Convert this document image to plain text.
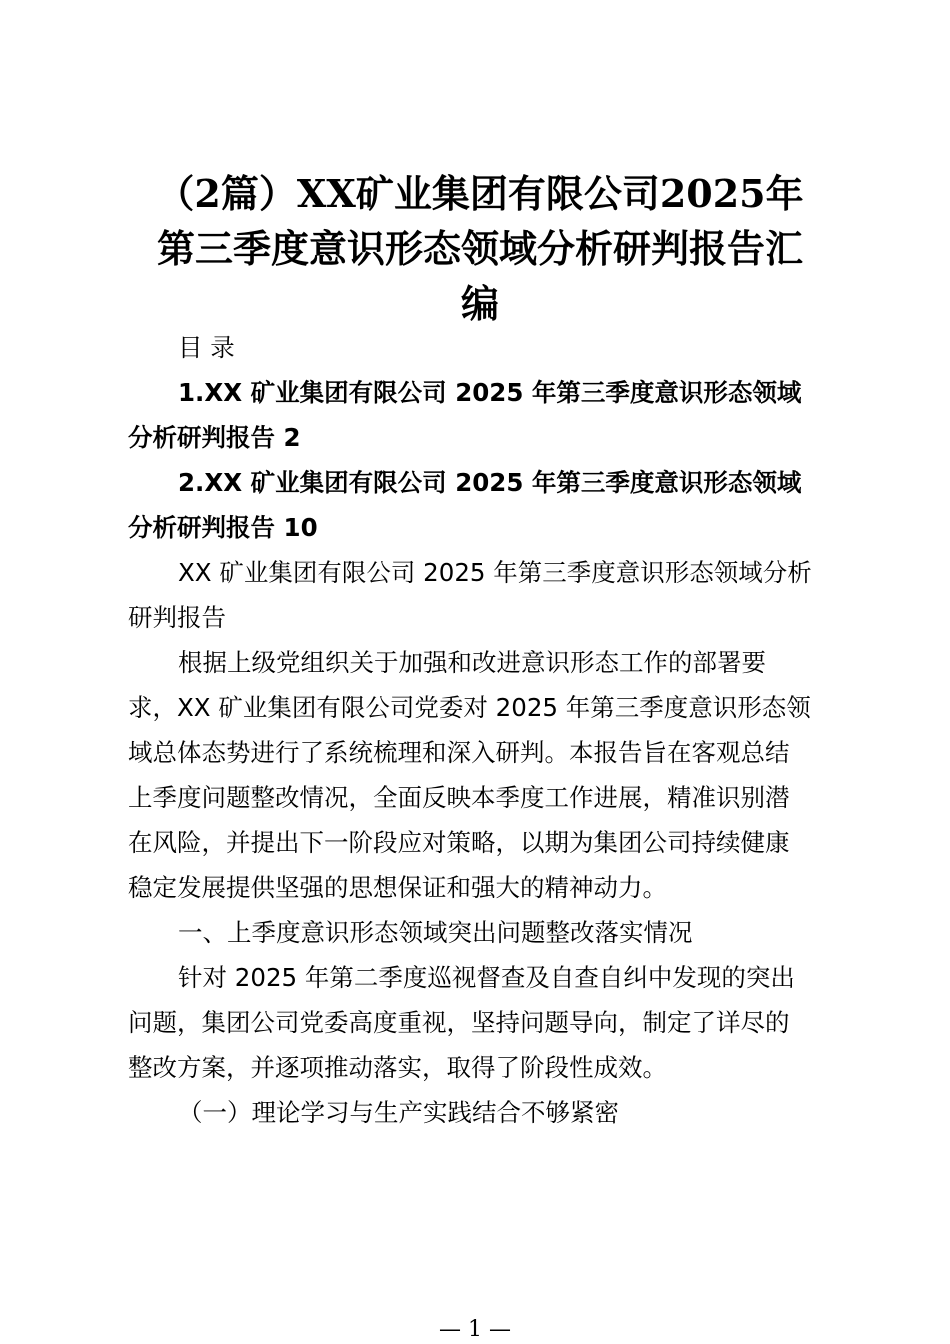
（2篇）XX矿业集团有限公司2025年
第三季度意识形态领域分析研判报告汇
编

目 录

1.XX 矿业集团有限公司 2025 年第三季度意识形态领域
分析研判报告 2

2.XX 矿业集团有限公司 2025 年第三季度意识形态领域
分析研判报告 10

XX 矿业集团有限公司 2025 年第三季度意识形态领域分析
研判报告

根据上级党组织关于加强和改进意识形态工作的部署要
求，XX 矿业集团有限公司党委对 2025 年第三季度意识形态领
域总体态势进行了系统梳理和深入研判。本报告旨在客观总结
上季度问题整改情况，全面反映本季度工作进展，精准识别潜
在风险，并提出下一阶段应对策略，以期为集团公司持续健康
稳定发展提供坚强的思想保证和强大的精神动力。

一、上季度意识形态领域突出问题整改落实情况

针对 2025 年第二季度巡视督查及自查自纠中发现的突出
问题，集团公司党委高度重视，坚持问题导向，制定了详尽的
整改方案，并逐项推动落实，取得了阶段性成效。

（一）理论学习与生产实践结合不够紧密

— 1 —
